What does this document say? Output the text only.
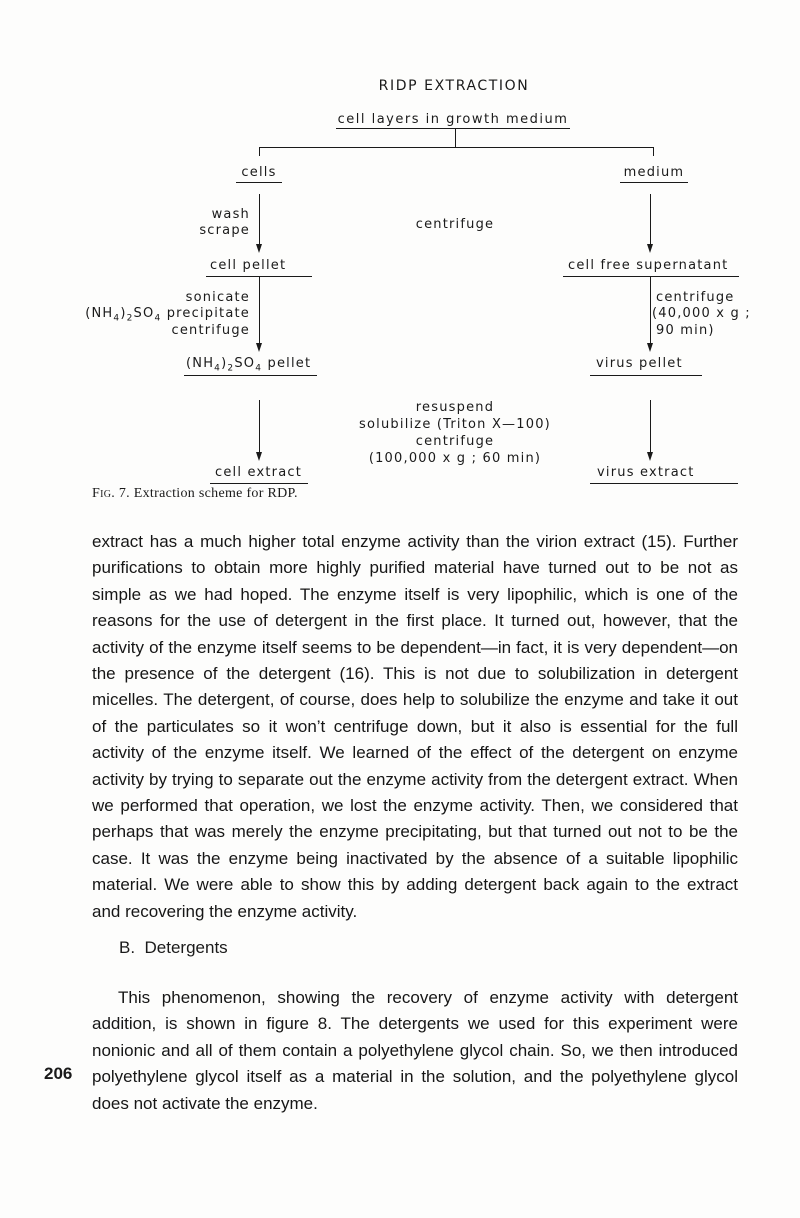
RIDP EXTRACTION
cell layers in growth medium
cells
wash
scrape
cell pellet
sonicate
$(NH_4)_2SO_4$ precipitate
centrifuge
$(NH_4)_2SO_4$ pellet
cell extract
centrifuge
resuspend
solubilize (Triton X—100)
centrifuge
(100,000 x g ; 60 min)
medium
cell free supernatant
centrifuge
(40,000 x g ;
90 min)
virus pellet
virus extract
Fig. 7. Extraction scheme for RDP.
extract has a much higher total enzyme activity than the virion extract (15). Further purifications to obtain more highly purified material have turned out to be not as simple as we had hoped. The enzyme itself is very lipophilic, which is one of the reasons for the use of detergent in the first place. It turned out, however, that the activity of the enzyme itself seems to be dependent—in fact, it is very dependent—on the presence of the detergent (16). This is not due to solubilization in detergent micelles. The detergent, of course, does help to solubilize the enzyme and take it out of the particulates so it won’t centrifuge down, but it also is essential for the full activity of the enzyme itself. We learned of the effect of the detergent on enzyme activity by trying to separate out the enzyme activity from the detergent extract. When we performed that operation, we lost the enzyme activity. Then, we considered that perhaps that was merely the enzyme precipitating, but that turned out not to be the case. It was the enzyme being inactivated by the absence of a suitable lipophilic material. We were able to show this by adding detergent back again to the extract and recovering the enzyme activity.
B.  Detergents
This phenomenon, showing the recovery of enzyme activity with detergent addition, is shown in figure 8. The detergents we used for this experiment were nonionic and all of them contain a polyethylene glycol chain. So, we then introduced polyethylene glycol itself as a material in the solution, and the polyethylene glycol does not activate the enzyme.
206
